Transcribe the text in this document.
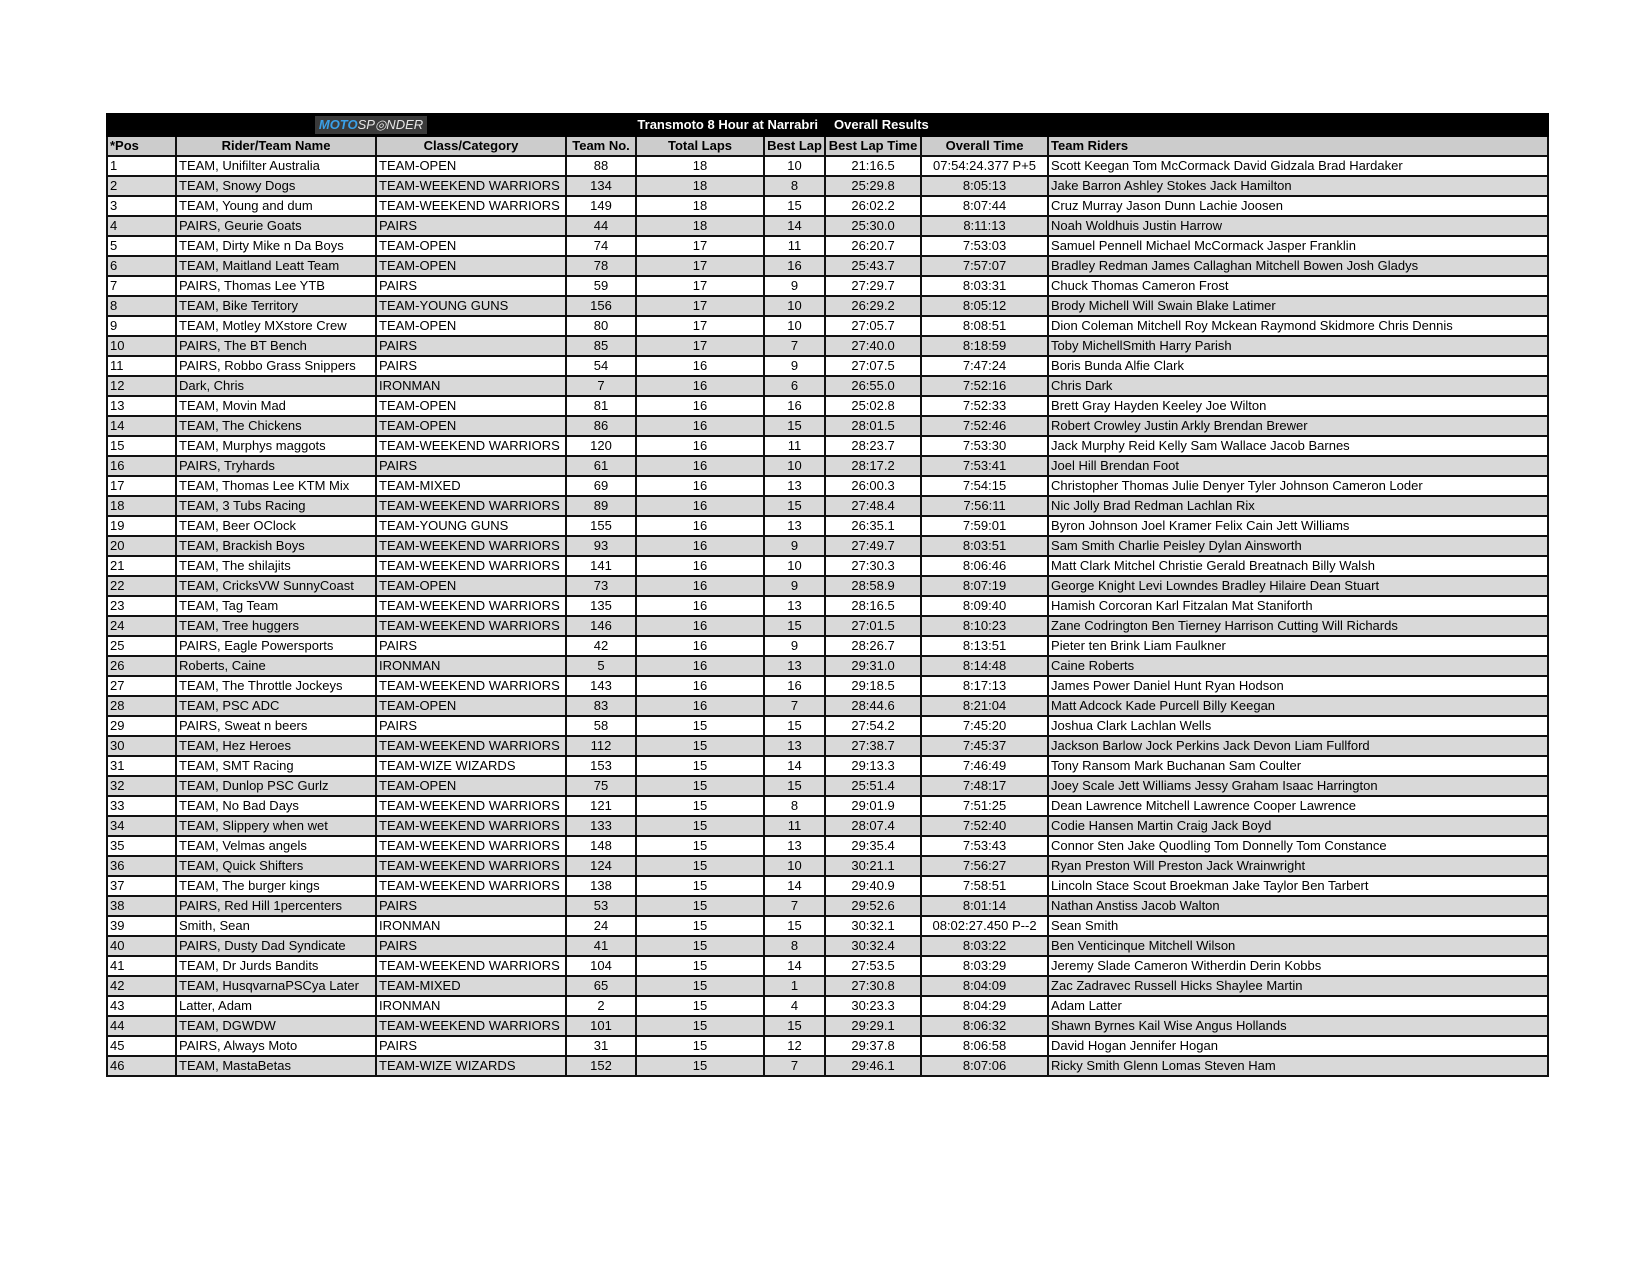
	MOTOSP◎NDER		Transmoto 8 Hour at Narrabri			Overall Results		
*Pos	Rider/Team Name	Class/Category	Team No.	Total Laps	Best Lap	Best Lap Time	Overall Time	Team Riders	
1	TEAM, Unifilter Australia	TEAM-OPEN	88	18	10	21:16.5	07:54:24.377 P+5	Scott Keegan Tom McCormack David Gidzala Brad Hardaker	
2	TEAM, Snowy Dogs	TEAM-WEEKEND WARRIORS	134	18	8	25:29.8	8:05:13	Jake Barron Ashley Stokes Jack Hamilton	
3	TEAM, Young and dum	TEAM-WEEKEND WARRIORS	149	18	15	26:02.2	8:07:44	Cruz Murray Jason Dunn Lachie Joosen	
4	PAIRS, Geurie Goats	PAIRS	44	18	14	25:30.0	8:11:13	Noah Woldhuis Justin Harrow	
5	TEAM, Dirty Mike n Da Boys	TEAM-OPEN	74	17	11	26:20.7	7:53:03	Samuel Pennell Michael McCormack Jasper Franklin	
6	TEAM, Maitland Leatt Team	TEAM-OPEN	78	17	16	25:43.7	7:57:07	Bradley Redman James Callaghan Mitchell Bowen Josh Gladys	
7	PAIRS, Thomas Lee YTB	PAIRS	59	17	9	27:29.7	8:03:31	Chuck Thomas Cameron Frost	
8	TEAM, Bike Territory	TEAM-YOUNG GUNS	156	17	10	26:29.2	8:05:12	Brody Michell Will Swain Blake Latimer	
9	TEAM, Motley MXstore Crew	TEAM-OPEN	80	17	10	27:05.7	8:08:51	Dion Coleman Mitchell Roy Mckean Raymond Skidmore Chris Dennis	
10	PAIRS, The BT Bench	PAIRS	85	17	7	27:40.0	8:18:59	Toby MichellSmith Harry Parish	
11	PAIRS, Robbo Grass Snippers	PAIRS	54	16	9	27:07.5	7:47:24	Boris Bunda Alfie Clark	
12	Dark, Chris	IRONMAN	7	16	6	26:55.0	7:52:16	Chris Dark	
13	TEAM, Movin Mad	TEAM-OPEN	81	16	16	25:02.8	7:52:33	Brett Gray Hayden Keeley Joe Wilton	
14	TEAM, The Chickens	TEAM-OPEN	86	16	15	28:01.5	7:52:46	Robert Crowley Justin Arkly Brendan Brewer	
15	TEAM, Murphys maggots	TEAM-WEEKEND WARRIORS	120	16	11	28:23.7	7:53:30	Jack Murphy Reid Kelly Sam Wallace Jacob Barnes	
16	PAIRS, Tryhards	PAIRS	61	16	10	28:17.2	7:53:41	Joel Hill Brendan Foot	
17	TEAM, Thomas Lee KTM Mix	TEAM-MIXED	69	16	13	26:00.3	7:54:15	Christopher Thomas Julie Denyer Tyler Johnson Cameron Loder	
18	TEAM, 3 Tubs Racing	TEAM-WEEKEND WARRIORS	89	16	15	27:48.4	7:56:11	Nic Jolly Brad Redman Lachlan Rix	
19	TEAM, Beer OClock	TEAM-YOUNG GUNS	155	16	13	26:35.1	7:59:01	Byron Johnson Joel Kramer Felix Cain Jett Williams	
20	TEAM, Brackish Boys	TEAM-WEEKEND WARRIORS	93	16	9	27:49.7	8:03:51	Sam Smith Charlie Peisley Dylan Ainsworth	
21	TEAM, The shilajits	TEAM-WEEKEND WARRIORS	141	16	10	27:30.3	8:06:46	Matt Clark Mitchel Christie Gerald Breatnach Billy Walsh	
22	TEAM, CricksVW SunnyCoast	TEAM-OPEN	73	16	9	28:58.9	8:07:19	George Knight Levi Lowndes Bradley Hilaire Dean Stuart	
23	TEAM, Tag Team	TEAM-WEEKEND WARRIORS	135	16	13	28:16.5	8:09:40	Hamish Corcoran Karl Fitzalan Mat Staniforth	
24	TEAM, Tree huggers	TEAM-WEEKEND WARRIORS	146	16	15	27:01.5	8:10:23	Zane Codrington Ben Tierney Harrison Cutting Will Richards	
25	PAIRS, Eagle Powersports	PAIRS	42	16	9	28:26.7	8:13:51	Pieter ten Brink Liam Faulkner	
26	Roberts, Caine	IRONMAN	5	16	13	29:31.0	8:14:48	Caine Roberts	
27	TEAM, The Throttle Jockeys	TEAM-WEEKEND WARRIORS	143	16	16	29:18.5	8:17:13	James Power Daniel Hunt Ryan Hodson	
28	TEAM, PSC ADC	TEAM-OPEN	83	16	7	28:44.6	8:21:04	Matt Adcock Kade Purcell Billy Keegan	
29	PAIRS, Sweat n beers	PAIRS	58	15	15	27:54.2	7:45:20	Joshua Clark Lachlan Wells	
30	TEAM, Hez Heroes	TEAM-WEEKEND WARRIORS	112	15	13	27:38.7	7:45:37	Jackson Barlow Jock Perkins Jack Devon Liam Fullford	
31	TEAM, SMT Racing	TEAM-WIZE WIZARDS	153	15	14	29:13.3	7:46:49	Tony Ransom Mark Buchanan Sam Coulter	
32	TEAM, Dunlop PSC Gurlz	TEAM-OPEN	75	15	15	25:51.4	7:48:17	Joey Scale Jett Williams Jessy Graham Isaac Harrington	
33	TEAM, No Bad Days	TEAM-WEEKEND WARRIORS	121	15	8	29:01.9	7:51:25	Dean Lawrence Mitchell Lawrence Cooper Lawrence	
34	TEAM, Slippery when wet	TEAM-WEEKEND WARRIORS	133	15	11	28:07.4	7:52:40	Codie Hansen Martin Craig Jack Boyd	
35	TEAM, Velmas angels	TEAM-WEEKEND WARRIORS	148	15	13	29:35.4	7:53:43	Connor Sten Jake Quodling Tom Donnelly Tom Constance	
36	TEAM, Quick Shifters	TEAM-WEEKEND WARRIORS	124	15	10	30:21.1	7:56:27	Ryan Preston Will Preston Jack Wrainwright	
37	TEAM, The burger kings	TEAM-WEEKEND WARRIORS	138	15	14	29:40.9	7:58:51	Lincoln Stace Scout Broekman Jake Taylor Ben Tarbert	
38	PAIRS, Red Hill 1percenters	PAIRS	53	15	7	29:52.6	8:01:14	Nathan Anstiss Jacob Walton	
39	Smith, Sean	IRONMAN	24	15	15	30:32.1	08:02:27.450 P--2	Sean Smith	
40	PAIRS, Dusty Dad Syndicate	PAIRS	41	15	8	30:32.4	8:03:22	Ben Venticinque Mitchell Wilson	
41	TEAM, Dr Jurds Bandits	TEAM-WEEKEND WARRIORS	104	15	14	27:53.5	8:03:29	Jeremy Slade Cameron Witherdin Derin Kobbs	
42	TEAM, HusqvarnaPSCya Later	TEAM-MIXED	65	15	1	27:30.8	8:04:09	Zac Zadravec Russell Hicks Shaylee Martin	
43	Latter, Adam	IRONMAN	2	15	4	30:23.3	8:04:29	Adam Latter	
44	TEAM, DGWDW	TEAM-WEEKEND WARRIORS	101	15	15	29:29.1	8:06:32	Shawn Byrnes Kail Wise Angus Hollands	
45	PAIRS, Always Moto	PAIRS	31	15	12	29:37.8	8:06:58	David Hogan Jennifer Hogan	
46	TEAM, MastaBetas	TEAM-WIZE WIZARDS	152	15	7	29:46.1	8:07:06	Ricky Smith Glenn Lomas Steven Ham	
